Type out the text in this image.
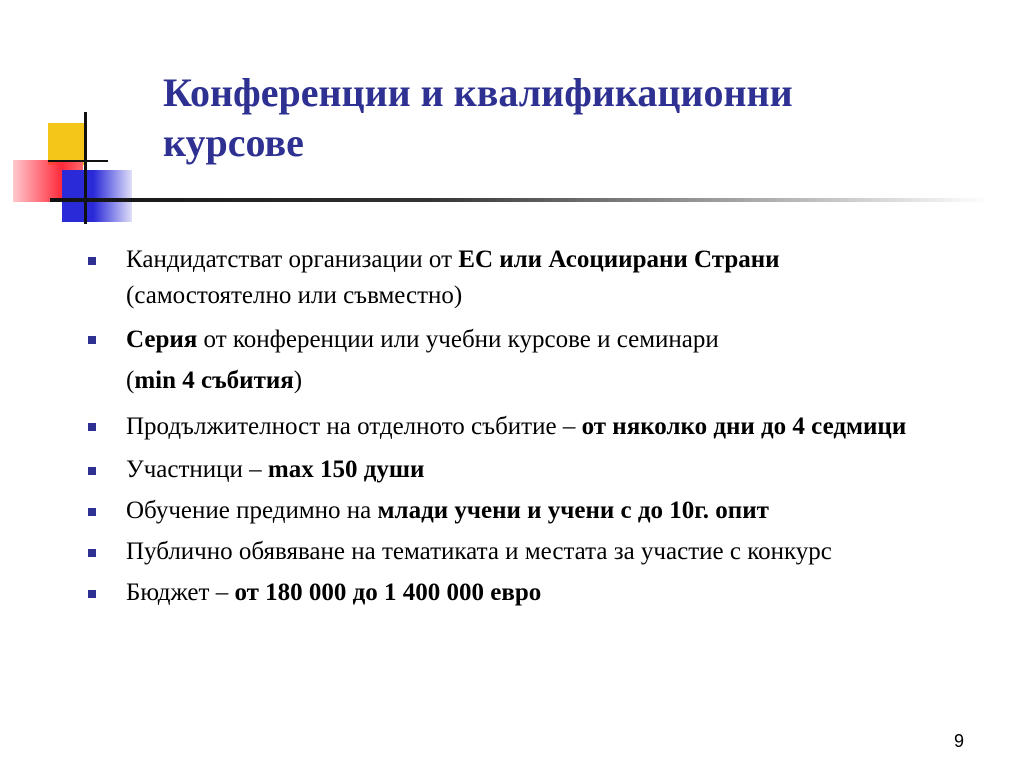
Конференции и квалификационни
курсове
Кандидатстват организации от ЕС или Асоциирани Страни
(самостоятелно или съвместно)
Серия от конференции или учебни курсове и семинари
(min 4 събития)
Продължителност на отделното събитие – от няколко дни до 4 седмици
Участници – max 150 души
Обучение предимно на млади учени и учени с до 10г. опит
Публично обявяване на тематиката и местата за участие с конкурс
Бюджет – от 180 000 до 1 400 000 евро
9
